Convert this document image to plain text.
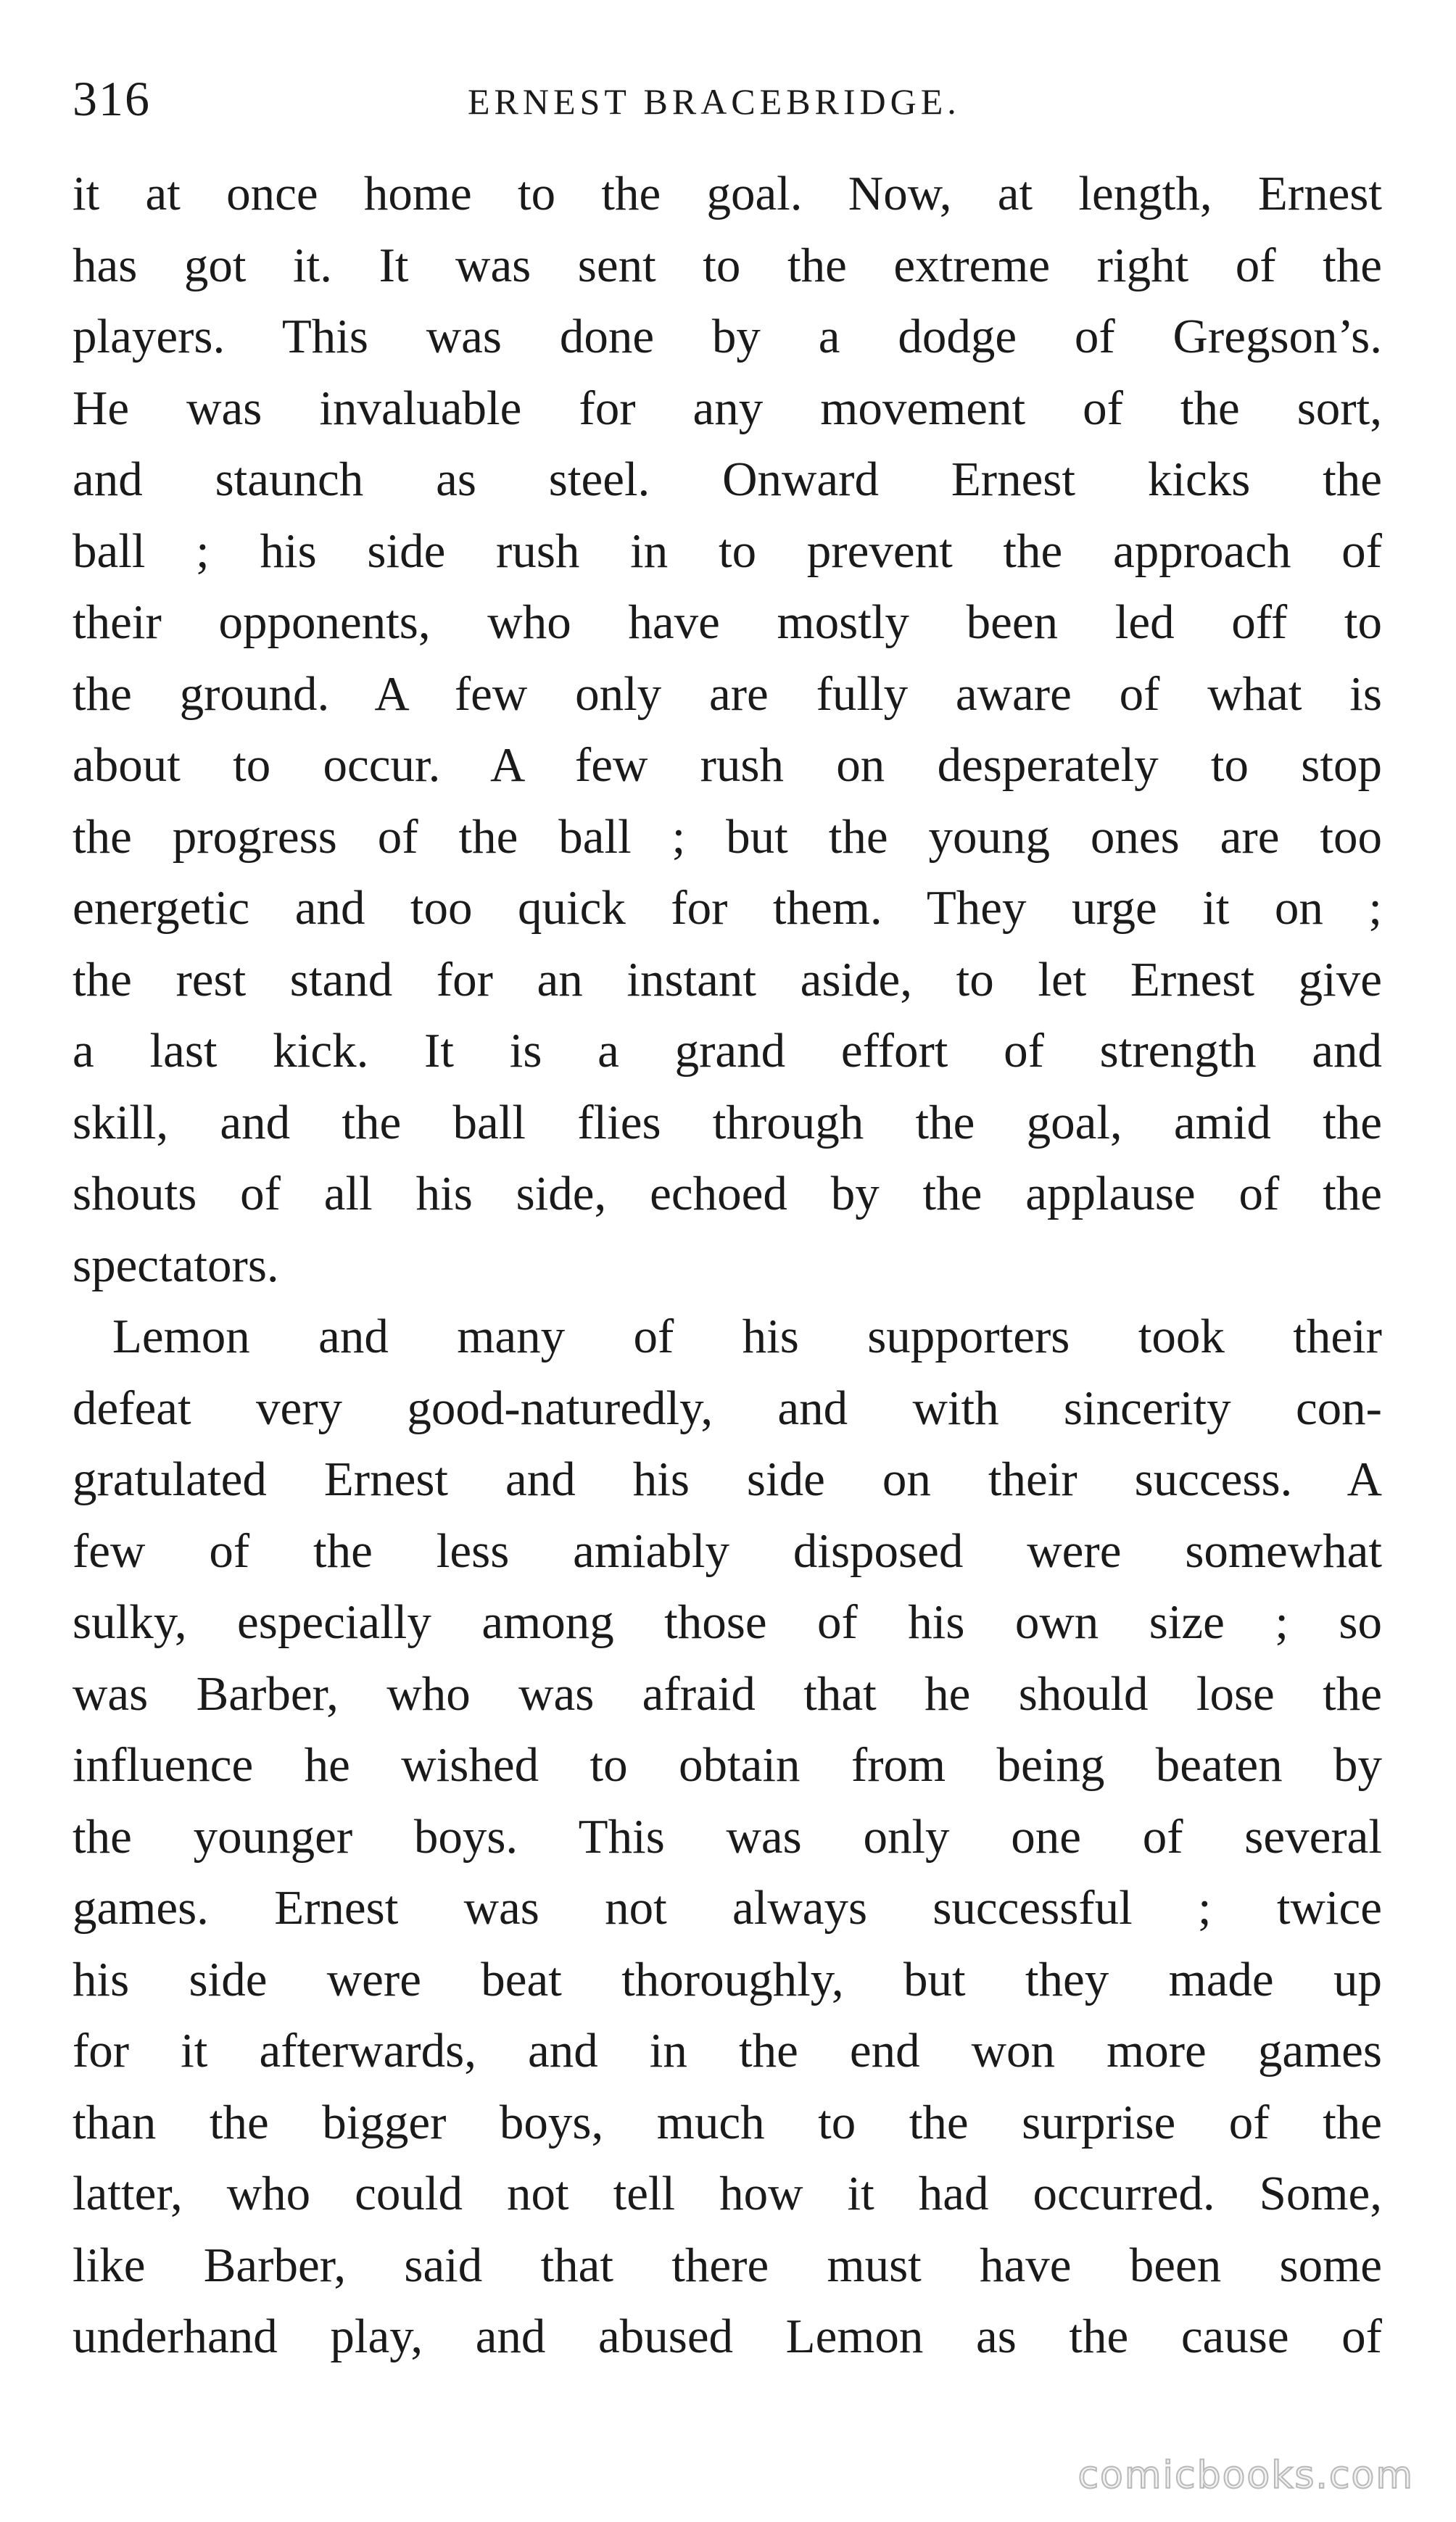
316	ERNEST BRACEBRIDGE.
it at once home to the goal. Now, at length, Ernest
has got it. It was sent to the extreme right of the
players. This was done by a dodge of Gregson’s.
He was invaluable for any movement of the sort,
and staunch as steel. Onward Ernest kicks the
ball ; his side rush in to prevent the approach of
their opponents, who have mostly been led off to
the ground. A few only are fully aware of what is
about to occur. A few rush on desperately to stop
the progress of the ball ; but the young ones are too
energetic and too quick for them. They urge it on ;
the rest stand for an instant aside, to let Ernest give
a last kick. It is a grand effort of strength and
skill, and the ball flies through the goal, amid the
shouts of all his side, echoed by the applause of the
spectators.
Lemon and many of his supporters took their
defeat very good-naturedly, and with sincerity con-
gratulated Ernest and his side on their success. A
few of the less amiably disposed were somewhat
sulky, especially among those of his own size ; so
was Barber, who was afraid that he should lose the
influence he wished to obtain from being beaten by
the younger boys. This was only one of several
games. Ernest was not always successful ; twice
his side were beat thoroughly, but they made up
for it afterwards, and in the end won more games
than the bigger boys, much to the surprise of the
latter, who could not tell how it had occurred. Some,
like Barber, said that there must have been some
underhand play, and abused Lemon as the cause of
comicbooks.com
